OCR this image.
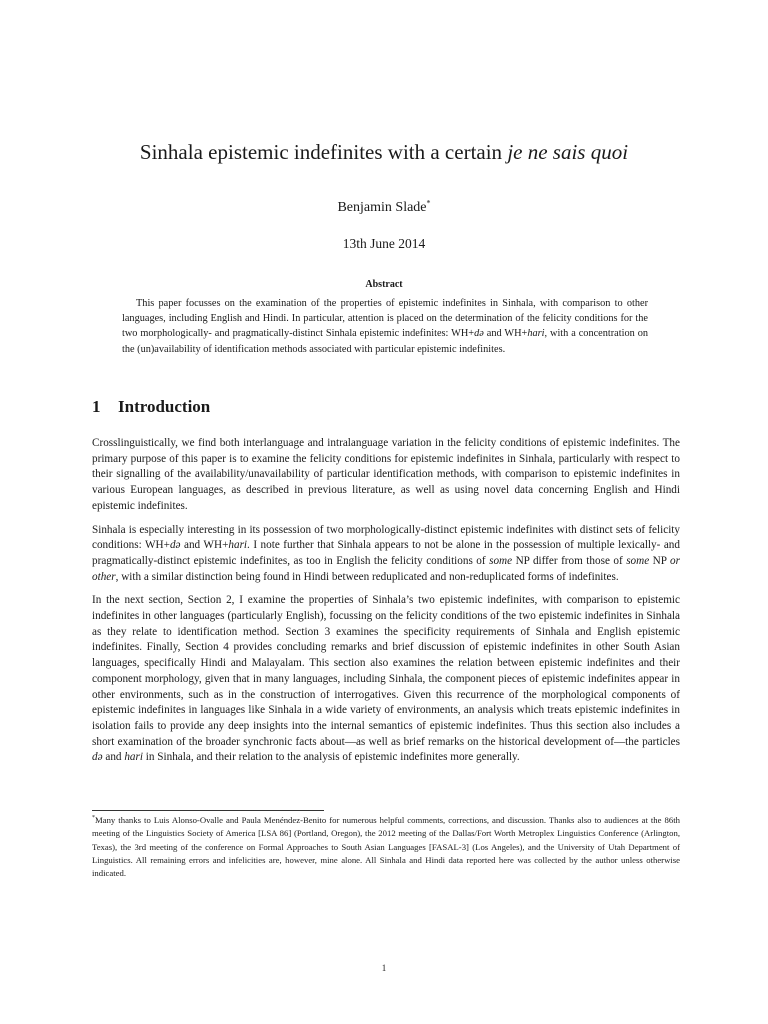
Sinhala epistemic indefinites with a certain je ne sais quoi
Benjamin Slade*
13th June 2014
Abstract

This paper focusses on the examination of the properties of epistemic indefinites in Sinhala, with comparison to other languages, including English and Hindi. In particular, attention is placed on the determination of the felicity conditions for the two morphologically- and pragmatically-distinct Sinhala epistemic indefinites: WH+də and WH+hari, with a concentration on the (un)availability of identification methods associated with particular epistemic indefinites.

1 Introduction

Crosslinguistically, we find both interlanguage and intralanguage variation in the felicity conditions of epistemic indefinites. The primary purpose of this paper is to examine the felicity conditions for epistemic indefinites in Sinhala, particularly with respect to their signalling of the availability/unavailability of particular identification methods, with comparison to epistemic indefinites in various European languages, as described in previous literature, as well as using novel data concerning English and Hindi epistemic indefinites.

Sinhala is especially interesting in its possession of two morphologically-distinct epistemic indefinites with distinct sets of felicity conditions: WH+də and WH+hari. I note further that Sinhala appears to not be alone in the possession of multiple lexically- and pragmatically-distinct epistemic indefinites, as too in English the felicity conditions of some NP differ from those of some NP or other, with a similar distinction being found in Hindi between reduplicated and non-reduplicated forms of indefinites.

In the next section, Section 2, I examine the properties of Sinhala’s two epistemic indefinites, with comparison to epistemic indefinites in other languages (particularly English), focussing on the felicity conditions of the two epistemic indefinites in Sinhala as they relate to identification method. Section 3 examines the specificity requirements of Sinhala and English epistemic indefinites. Finally, Section 4 provides concluding remarks and brief discussion of epistemic indefinites in other South Asian languages, specifically Hindi and Malayalam. This section also examines the relation between epistemic indefinites and their component morphology, given that in many languages, including Sinhala, the component pieces of epistemic indefinites appear in other environments, such as in the construction of interrogatives. Given this recurrence of the morphological components of epistemic indefinites in languages like Sinhala in a wide variety of environments, an analysis which treats epistemic indefinites in isolation fails to provide any deep insights into the internal semantics of epistemic indefinites. Thus this section also includes a short examination of the broader synchronic facts about—as well as brief remarks on the historical development of—the particles də and hari in Sinhala, and their relation to the analysis of epistemic indefinites more generally.

*Many thanks to Luis Alonso-Ovalle and Paula Menéndez-Benito for numerous helpful comments, corrections, and discussion. Thanks also to audiences at the 86th meeting of the Linguistics Society of America [LSA 86] (Portland, Oregon), the 2012 meeting of the Dallas/Fort Worth Metroplex Linguistics Conference (Arlington, Texas), the 3rd meeting of the conference on Formal Approaches to South Asian Languages [FASAL-3] (Los Angeles), and the University of Utah Department of Linguistics. All remaining errors and infelicities are, however, mine alone. All Sinhala and Hindi data reported here was collected by the author unless otherwise indicated.

1
